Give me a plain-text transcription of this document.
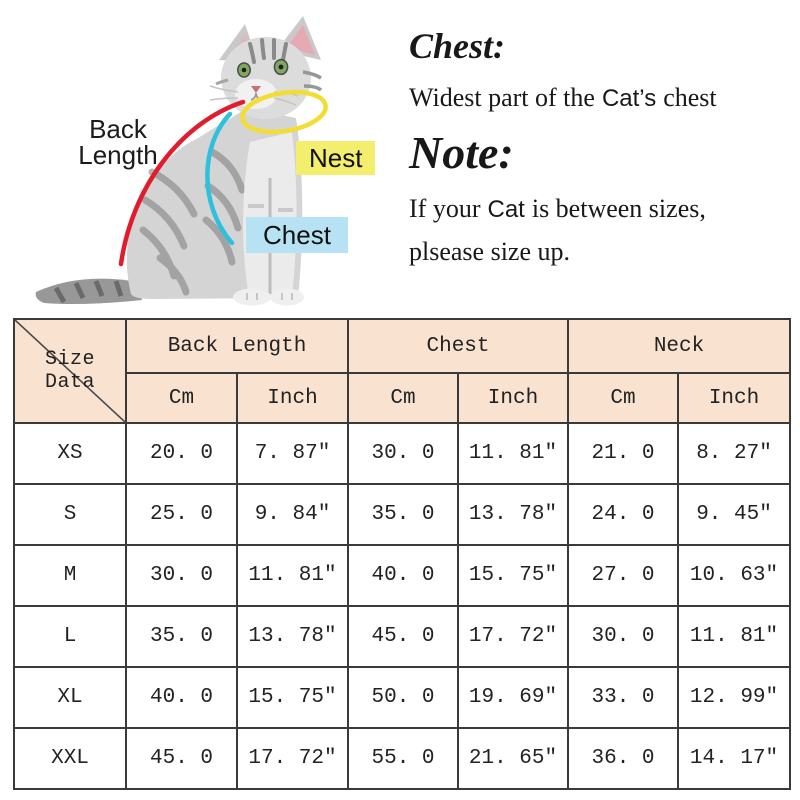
Back
Length	Nest
Chest
Chest:
Widest part of the Cat’s chest
Note:
If your Cat is between sizes,
plsease size up.
Size Data	Back Length		Chest		Neck	
	Cm	Inch	Cm	Inch	Cm	Inch
XS	20. 0	7. 87″	30. 0	11. 81″	21. 0	8. 27″
S	25. 0	9. 84″	35. 0	13. 78″	24. 0	9. 45″
M	30. 0	11. 81″	40. 0	15. 75″	27. 0	10. 63″
L	35. 0	13. 78″	45. 0	17. 72″	30. 0	11. 81″
XL	40. 0	15. 75″	50. 0	19. 69″	33. 0	12. 99″
XXL	45. 0	17. 72″	55. 0	21. 65″	36. 0	14. 17″
